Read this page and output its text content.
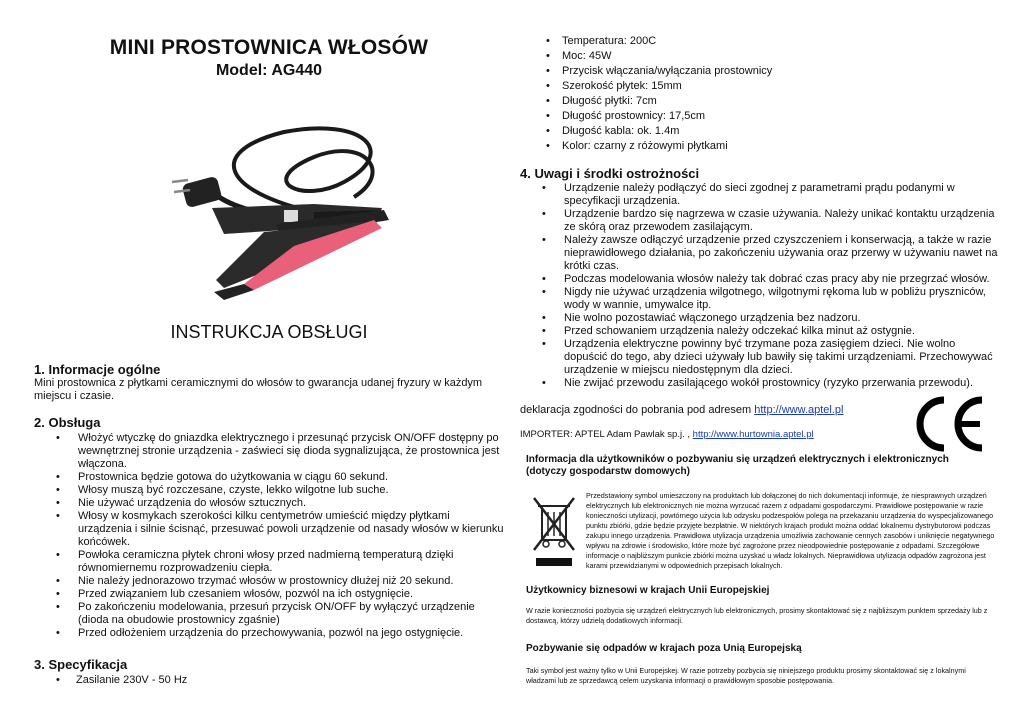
MINI PROSTOWNICA WŁOSÓW
Model: AG440
INSTRUKCJA OBSŁUGI
1. Informacje ogólne

Mini prostownica z płytkami ceramicznymi do włosów to gwarancja udanej fryzury w każdym miejscu i czasie.

2. Obsługa
• Włożyć wtyczkę do gniazdka elektrycznego i przesunąć przycisk ON/OFF dostępny po wewnętrznej stronie urządzenia - zaświeci się dioda sygnalizująca, że prostownica jest włączona.
• Prostownica będzie gotowa do użytkowania w ciągu 60 sekund.
• Włosy muszą być rozczesane, czyste, lekko wilgotne lub suche.
• Nie używać urządzenia do włosów sztucznych.
• Włosy w kosmykach szerokości kilku centymetrów umieścić między płytkami urządzenia i silnie ścisnąć, przesuwać powoli urządzenie od nasady włosów w kierunku końcówek.
• Powłoka ceramiczna płytek chroni włosy przed nadmierną temperaturą dzięki równomiernemu rozprowadzeniu ciepła.
• Nie należy jednorazowo trzymać włosów w prostownicy dłużej niż 20 sekund.
• Przed związaniem lub czesaniem włosów, pozwól na ich ostygnięcie.
• Po zakończeniu modelowania, przesuń przycisk ON/OFF by wyłączyć urządzenie (dioda na obudowie prostownicy zgaśnie)
• Przed odłożeniem urządzenia do przechowywania, pozwól na jego ostygnięcie.
3. Specyfikacja
• Zasilanie 230V - 50 Hz
• Temperatura: 200C
• Moc: 45W
• Przycisk włączania/wyłączania prostownicy
• Szerokość płytek: 15mm
• Długość płytki: 7cm
• Długość prostownicy: 17,5cm
• Długość kabla: ok. 1.4m
• Kolor: czarny z różowymi płytkami
4. Uwagi i środki ostrożności
• Urządzenie należy podłączyć do sieci zgodnej z parametrami prądu podanymi w specyfikacji urządzenia.
• Urządzenie bardzo się nagrzewa w czasie używania. Należy unikać kontaktu urządzenia ze skórą oraz przewodem zasilającym.
• Należy zawsze odłączyć urządzenie przed czyszczeniem i konserwacją, a także w razie nieprawidłowego działania, po zakończeniu używania oraz przerwy w używaniu nawet na krótki czas.
• Podczas modelowania włosów należy tak dobrać czas pracy aby nie przegrzać włosów.
• Nigdy nie używać urządzenia wilgotnego, wilgotnymi rękoma lub w pobliżu pryszniców, wody w wannie, umywalce itp.
• Nie wolno pozostawiać włączonego urządzenia bez nadzoru.
• Przed schowaniem urządzenia należy odczekać kilka minut aż ostygnie.
• Urządzenia elektryczne powinny być trzymane poza zasięgiem dzieci. Nie wolno dopuścić do tego, aby dzieci używały lub bawiły się takimi urządzeniami. Przechowywać urządzenie w miejscu niedostępnym dla dzieci.
• Nie zwijać przewodu zasilającego wokół prostownicy (ryzyko przerwania przewodu).
deklaracja zgodności do pobrania pod adresem http://www.aptel.pl
IMPORTER: APTEL Adam Pawlak sp.j. , http://www.hurtownia.aptel.pl
Informacja dla użytkowników o pozbywaniu się urządzeń elektrycznych i elektronicznych (dotyczy gospodarstw domowych)

Przedstawiony symbol umieszczony na produktach lub dołączonej do nich dokumentacji informuje, że niesprawnych urządzeń elektrycznych lub elektronicznych nie można wyrzucać razem z odpadami gospodarczymi. Prawidłowe postępowanie w razie konieczności utylizacji, powtórnego użycia lub odzysku podzespołów polega na przekazaniu urządzenia do wyspecjalizowanego punktu zbiórki, gdzie będzie przyjęte bezpłatnie. W niektórych krajach produkt można oddać lokalnemu dystrybutorowi podczas zakupu innego urządzenia. Prawidłowa utylizacja urządzenia umożliwia zachowanie cennych zasobów i uniknięcie negatywnego wpływu na zdrowie i środowisko, które może być zagrożone przez nieodpowiednie postępowanie z odpadami. Szczegółowe informacje o najbliższym punkcie zbiórki można uzyskać u władz lokalnych. Nieprawidłowa utylizacja odpadów zagrożona jest karami przewidzianymi w odpowiednich przepisach lokalnych.

Użytkownicy biznesowi w krajach Unii Europejskiej

W razie konieczności pozbycia się urządzeń elektrycznych lub elektronicznych, prosimy skontaktować się z najbliższym punktem sprzedaży lub z dostawcą, którzy udzielą dodatkowych informacji.

Pozbywanie się odpadów w krajach poza Unią Europejską

Taki symbol jest ważny tylko w Unii Europejskej. W razie potrzeby pozbycia się niniejszego produktu prosimy skontaktować się z lokalnymi władzami lub ze sprzedawcą celem uzyskania informacji o prawidłowym sposobie postępowania.
